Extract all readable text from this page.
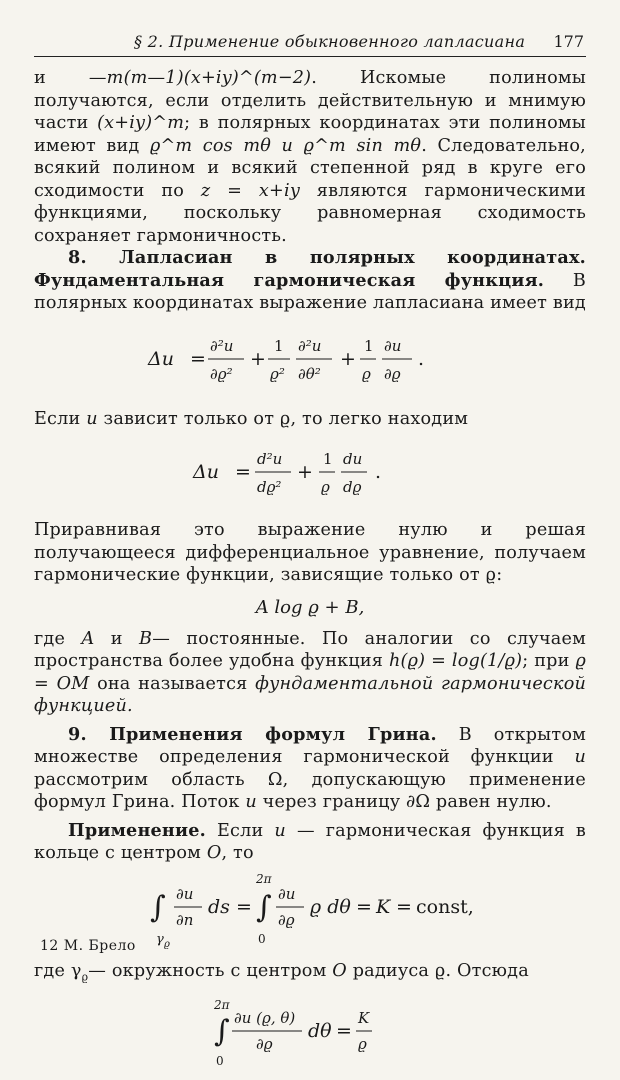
§ 2. Применение обыкновенного лапласиана 177

и —m(m—1)(x+iy)^(m−2). Искомые полиномы получаются, если отделить действительную и мнимую части (x+iy)^m; в полярных координатах эти полиномы имеют вид ϱ^m cos mθ и ϱ^m sin mθ. Следовательно, всякий полином и всякий степенной ряд в круге его сходимости по z = x+iy являются гармоническими функциями, поскольку равномерная сходимость сохраняет гармоничность.

8. Лапласиан в полярных координатах. Фундаментальная гармоническая функция. В полярных координатах выражение лапласиана имеет вид

Δu =
∂²u
∂ϱ²
+
1
ϱ²
∂²u
∂θ²
+
1
ϱ
∂u
∂ϱ
.

Если u зависит только от ϱ, то легко находим

Δu =
d²u
dϱ²
+
1
ϱ
du
dϱ
.

Приравнивая это выражение нулю и решая получающееся дифференциальное уравнение, получаем гармонические функции, зависящие только от ϱ:

A log ϱ + B,

где A и B— постоянные. По аналогии со случаем пространства более удобна функция h(ϱ) = log(1/ϱ); при ϱ = OM она называется фундаментальной гармонической функцией.

9. Применения формул Грина. В открытом множестве определения гармонической функции u рассмотрим область Ω, допускающую применение формул Грина. Поток u через границу ∂Ω равен нулю.

Применение. Если u — гармоническая функция в кольце с центром O, то

∫
γ ϱ
∂u
∂n
ds =
2π
∫
0
∂u
∂ϱ
ϱ dθ = K = const,

где $\gamma_ϱ—$ окружность с центром O радиуса ϱ. Отсюда

2π
∫
0
∂u (ϱ, θ)
∂ϱ
dθ =
K
ϱ
12 М. Брело
